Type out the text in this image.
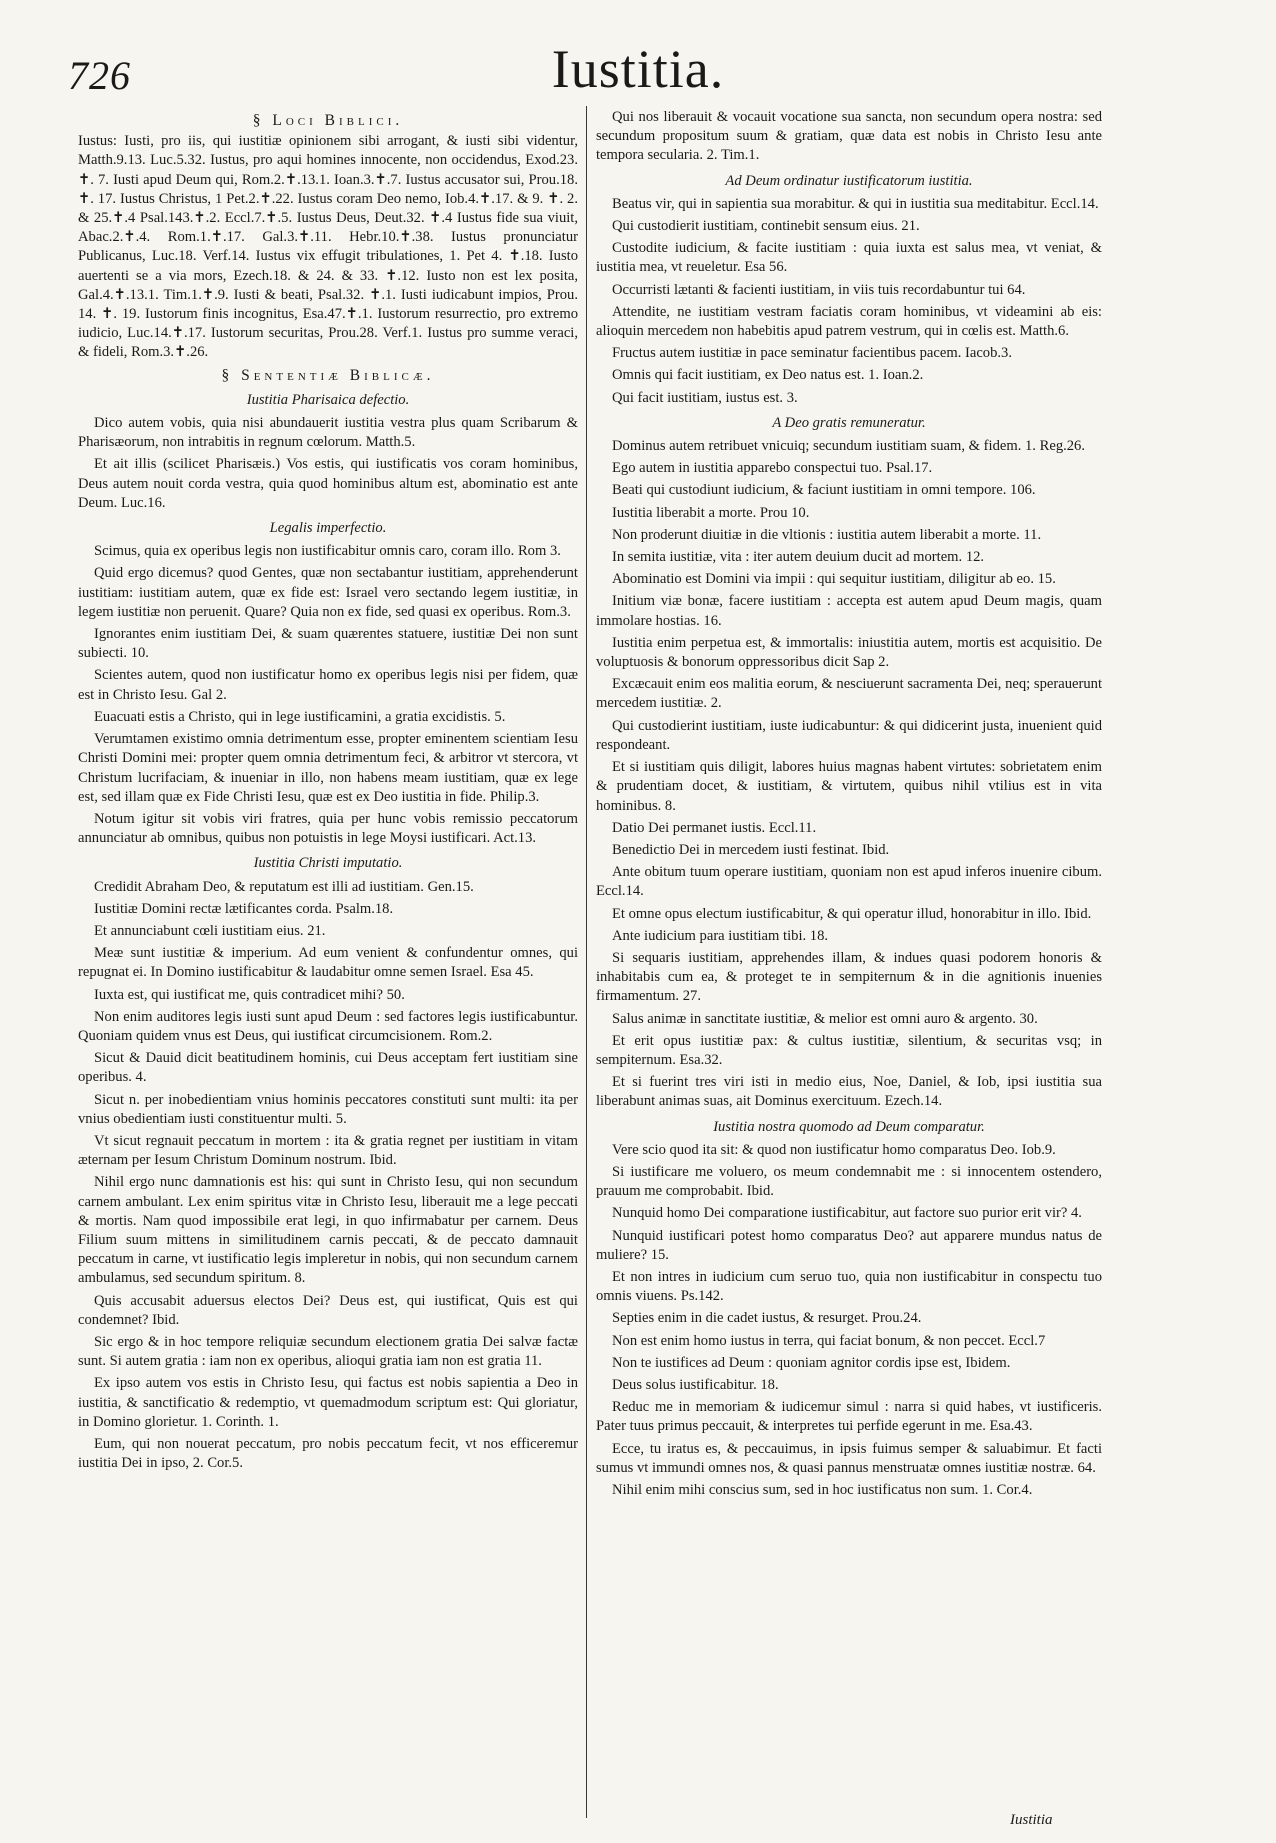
726	Iustitia.
§ Loci Biblici.

Iustus: Iusti, pro iis, qui iustitiæ opinionem sibi arrogant, & iusti sibi videntur, Matth.9.13. Luc.5.32. Iustus, pro aqui homines innocente, non occidendus, Exod.23. ✝. 7. Iusti apud Deum qui, Rom.2.✝.13.1. Ioan.3.✝.7. Iustus accusator sui, Prou.18. ✝. 17. Iustus Christus, 1 Pet.2.✝.22. Iustus coram Deo nemo, Iob.4.✝.17. & 9. ✝. 2. & 25.✝.4 Psal.143.✝.2. Eccl.7.✝.5. Iustus Deus, Deut.32. ✝.4 Iustus fide sua viuit, Abac.2.✝.4. Rom.1.✝.17. Gal.3.✝.11. Hebr.10.✝.38. Iustus pronunciatur Publicanus, Luc.18. Verf.14. Iustus vix effugit tribulationes, 1. Pet 4. ✝.18. Iusto auertenti se a via mors, Ezech.18. & 24. & 33. ✝.12. Iusto non est lex posita, Gal.4.✝.13.1. Tim.1.✝.9. Iusti & beati, Psal.32. ✝.1. Iusti iudicabunt impios, Prou. 14. ✝. 19. Iustorum finis incognitus, Esa.47.✝.1. Iustorum resurrectio, pro extremo iudicio, Luc.14.✝.17. Iustorum securitas, Prou.28. Verf.1. Iustus pro summe veraci, & fideli, Rom.3.✝.26.

§ Sententiæ Biblicæ.
Iustitia Pharisaica defectio.

Dico autem vobis, quia nisi abundauerit iustitia vestra plus quam Scribarum & Pharisæorum, non intrabitis in regnum cœlorum. Matth.5.

Et ait illis (scilicet Pharisæis.) Vos estis, qui iustificatis vos coram hominibus, Deus autem nouit corda vestra, quia quod hominibus altum est, abominatio est ante Deum. Luc.16.

Legalis imperfectio.

Scimus, quia ex operibus legis non iustificabitur omnis caro, coram illo. Rom 3.

Quid ergo dicemus? quod Gentes, quæ non sectabantur iustitiam, apprehenderunt iustitiam: iustitiam autem, quæ ex fide est: Israel vero sectando legem iustitiæ, in legem iustitiæ non peruenit. Quare? Quia non ex fide, sed quasi ex operibus. Rom.3.

Ignorantes enim iustitiam Dei, & suam quærentes statuere, iustitiæ Dei non sunt subiecti. 10.

Scientes autem, quod non iustificatur homo ex operibus legis nisi per fidem, quæ est in Christo Iesu. Gal 2.

Euacuati estis a Christo, qui in lege iustificamini, a gratia excidistis. 5.

Verumtamen existimo omnia detrimentum esse, propter eminentem scientiam Iesu Christi Domini mei: propter quem omnia detrimentum feci, & arbitror vt stercora, vt Christum lucrifaciam, & inueniar in illo, non habens meam iustitiam, quæ ex lege est, sed illam quæ ex Fide Christi Iesu, quæ est ex Deo iustitia in fide. Philip.3.

Notum igitur sit vobis viri fratres, quia per hunc vobis remissio peccatorum annunciatur ab omnibus, quibus non potuistis in lege Moysi iustificari. Act.13.

Iustitia Christi imputatio.

Credidit Abraham Deo, & reputatum est illi ad iustitiam. Gen.15.

Iustitiæ Domini rectæ lætificantes corda. Psalm.18.

Et annunciabunt cœli iustitiam eius. 21.

Meæ sunt iustitiæ & imperium. Ad eum venient & confundentur omnes, qui repugnat ei. In Domino iustificabitur & laudabitur omne semen Israel. Esa 45.

Iuxta est, qui iustificat me, quis contradicet mihi? 50.

Non enim auditores legis iusti sunt apud Deum : sed factores legis iustificabuntur. Quoniam quidem vnus est Deus, qui iustificat circumcisionem. Rom.2.

Sicut & Dauid dicit beatitudinem hominis, cui Deus acceptam fert iustitiam sine operibus. 4.

Sicut n. per inobedientiam vnius hominis peccatores constituti sunt multi: ita per vnius obedientiam iusti constituentur multi. 5.

Vt sicut regnauit peccatum in mortem : ita & gratia regnet per iustitiam in vitam æternam per Iesum Christum Dominum nostrum. Ibid.

Nihil ergo nunc damnationis est his: qui sunt in Christo Iesu, qui non secundum carnem ambulant. Lex enim spiritus vitæ in Christo Iesu, liberauit me a lege peccati & mortis. Nam quod impossibile erat legi, in quo infirmabatur per carnem. Deus Filium suum mittens in similitudinem carnis peccati, & de peccato damnauit peccatum in carne, vt iustificatio legis impleretur in nobis, qui non secundum carnem ambulamus, sed secundum spiritum. 8.

Quis accusabit aduersus electos Dei? Deus est, qui iustificat, Quis est qui condemnet? Ibid.

Sic ergo & in hoc tempore reliquiæ secundum electionem gratia Dei salvæ factæ sunt. Si autem gratia : iam non ex operibus, alioqui gratia iam non est gratia 11.

Ex ipso autem vos estis in Christo Iesu, qui factus est nobis sapientia a Deo in iustitia, & sanctificatio & redemptio, vt quemadmodum scriptum est: Qui gloriatur, in Domino glorietur. 1. Corinth. 1.

Eum, qui non nouerat peccatum, pro nobis peccatum fecit, vt nos efficeremur iustitia Dei in ipso, 2. Cor.5.

Qui nos liberauit & vocauit vocatione sua sancta, non secundum opera nostra: sed secundum propositum suum & gratiam, quæ data est nobis in Christo Iesu ante tempora secularia. 2. Tim.1.

Ad Deum ordinatur iustificatorum iustitia.

Beatus vir, qui in sapientia sua morabitur. & qui in iustitia sua meditabitur. Eccl.14.

Qui custodierit iustitiam, continebit sensum eius. 21.

Custodite iudicium, & facite iustitiam : quia iuxta est salus mea, vt veniat, & iustitia mea, vt reueletur. Esa 56.

Occurristi lætanti & facienti iustitiam, in viis tuis recordabuntur tui 64.

Attendite, ne iustitiam vestram faciatis coram hominibus, vt videamini ab eis: alioquin mercedem non habebitis apud patrem vestrum, qui in cœlis est. Matth.6.

Fructus autem iustitiæ in pace seminatur facientibus pacem. Iacob.3.

Omnis qui facit iustitiam, ex Deo natus est. 1. Ioan.2.

Qui facit iustitiam, iustus est. 3.

A Deo gratis remuneratur.

Dominus autem retribuet vnicuiq; secundum iustitiam suam, & fidem. 1. Reg.26.

Ego autem in iustitia apparebo conspectui tuo. Psal.17.

Beati qui custodiunt iudicium, & faciunt iustitiam in omni tempore. 106.

Iustitia liberabit a morte. Prou 10.

Non proderunt diuitiæ in die vltionis : iustitia autem liberabit a morte. 11.

In semita iustitiæ, vita : iter autem deuium ducit ad mortem. 12.

Abominatio est Domini via impii : qui sequitur iustitiam, diligitur ab eo. 15.

Initium viæ bonæ, facere iustitiam : accepta est autem apud Deum magis, quam immolare hostias. 16.

Iustitia enim perpetua est, & immortalis: iniustitia autem, mortis est acquisitio. De voluptuosis & bonorum oppressoribus dicit Sap 2.

Excæcauit enim eos malitia eorum, & nesciuerunt sacramenta Dei, neq; sperauerunt mercedem iustitiæ. 2.

Qui custodierint iustitiam, iuste iudicabuntur: & qui didicerint justa, inuenient quid respondeant.

Et si iustitiam quis diligit, labores huius magnas habent virtutes: sobrietatem enim & prudentiam docet, & iustitiam, & virtutem, quibus nihil vtilius est in vita hominibus. 8.

Datio Dei permanet iustis. Eccl.11.

Benedictio Dei in mercedem iusti festinat. Ibid.

Ante obitum tuum operare iustitiam, quoniam non est apud inferos inuenire cibum. Eccl.14.

Et omne opus electum iustificabitur, & qui operatur illud, honorabitur in illo. Ibid.

Ante iudicium para iustitiam tibi. 18.

Si sequaris iustitiam, apprehendes illam, & indues quasi podorem honoris & inhabitabis cum ea, & proteget te in sempiternum & in die agnitionis inuenies firmamentum. 27.

Salus animæ in sanctitate iustitiæ, & melior est omni auro & argento. 30.

Et erit opus iustitiæ pax: & cultus iustitiæ, silentium, & securitas vsq; in sempiternum. Esa.32.

Et si fuerint tres viri isti in medio eius, Noe, Daniel, & Iob, ipsi iustitia sua liberabunt animas suas, ait Dominus exercituum. Ezech.14.

Iustitia nostra quomodo ad Deum comparatur.

Vere scio quod ita sit: & quod non iustificatur homo comparatus Deo. Iob.9.

Si iustificare me voluero, os meum condemnabit me : si innocentem ostendero, prauum me comprobabit. Ibid.

Nunquid homo Dei comparatione iustificabitur, aut factore suo purior erit vir? 4.

Nunquid iustificari potest homo comparatus Deo? aut apparere mundus natus de muliere? 15.

Et non intres in iudicium cum seruo tuo, quia non iustificabitur in conspectu tuo omnis viuens. Ps.142.

Septies enim in die cadet iustus, & resurget. Prou.24.

Non est enim homo iustus in terra, qui faciat bonum, & non peccet. Eccl.7

Non te iustifices ad Deum : quoniam agnitor cordis ipse est, Ibidem.

Deus solus iustificabitur. 18.

Reduc me in memoriam & iudicemur simul : narra si quid habes, vt iustificeris. Pater tuus primus peccauit, & interpretes tui perfide egerunt in me. Esa.43.

Ecce, tu iratus es, & peccauimus, in ipsis fuimus semper & saluabimur. Et facti sumus vt immundi omnes nos, & quasi pannus menstruatæ omnes iustitiæ nostræ. 64.

Nihil enim mihi conscius sum, sed in hoc iustificatus non sum. 1. Cor.4.

Iustitia
